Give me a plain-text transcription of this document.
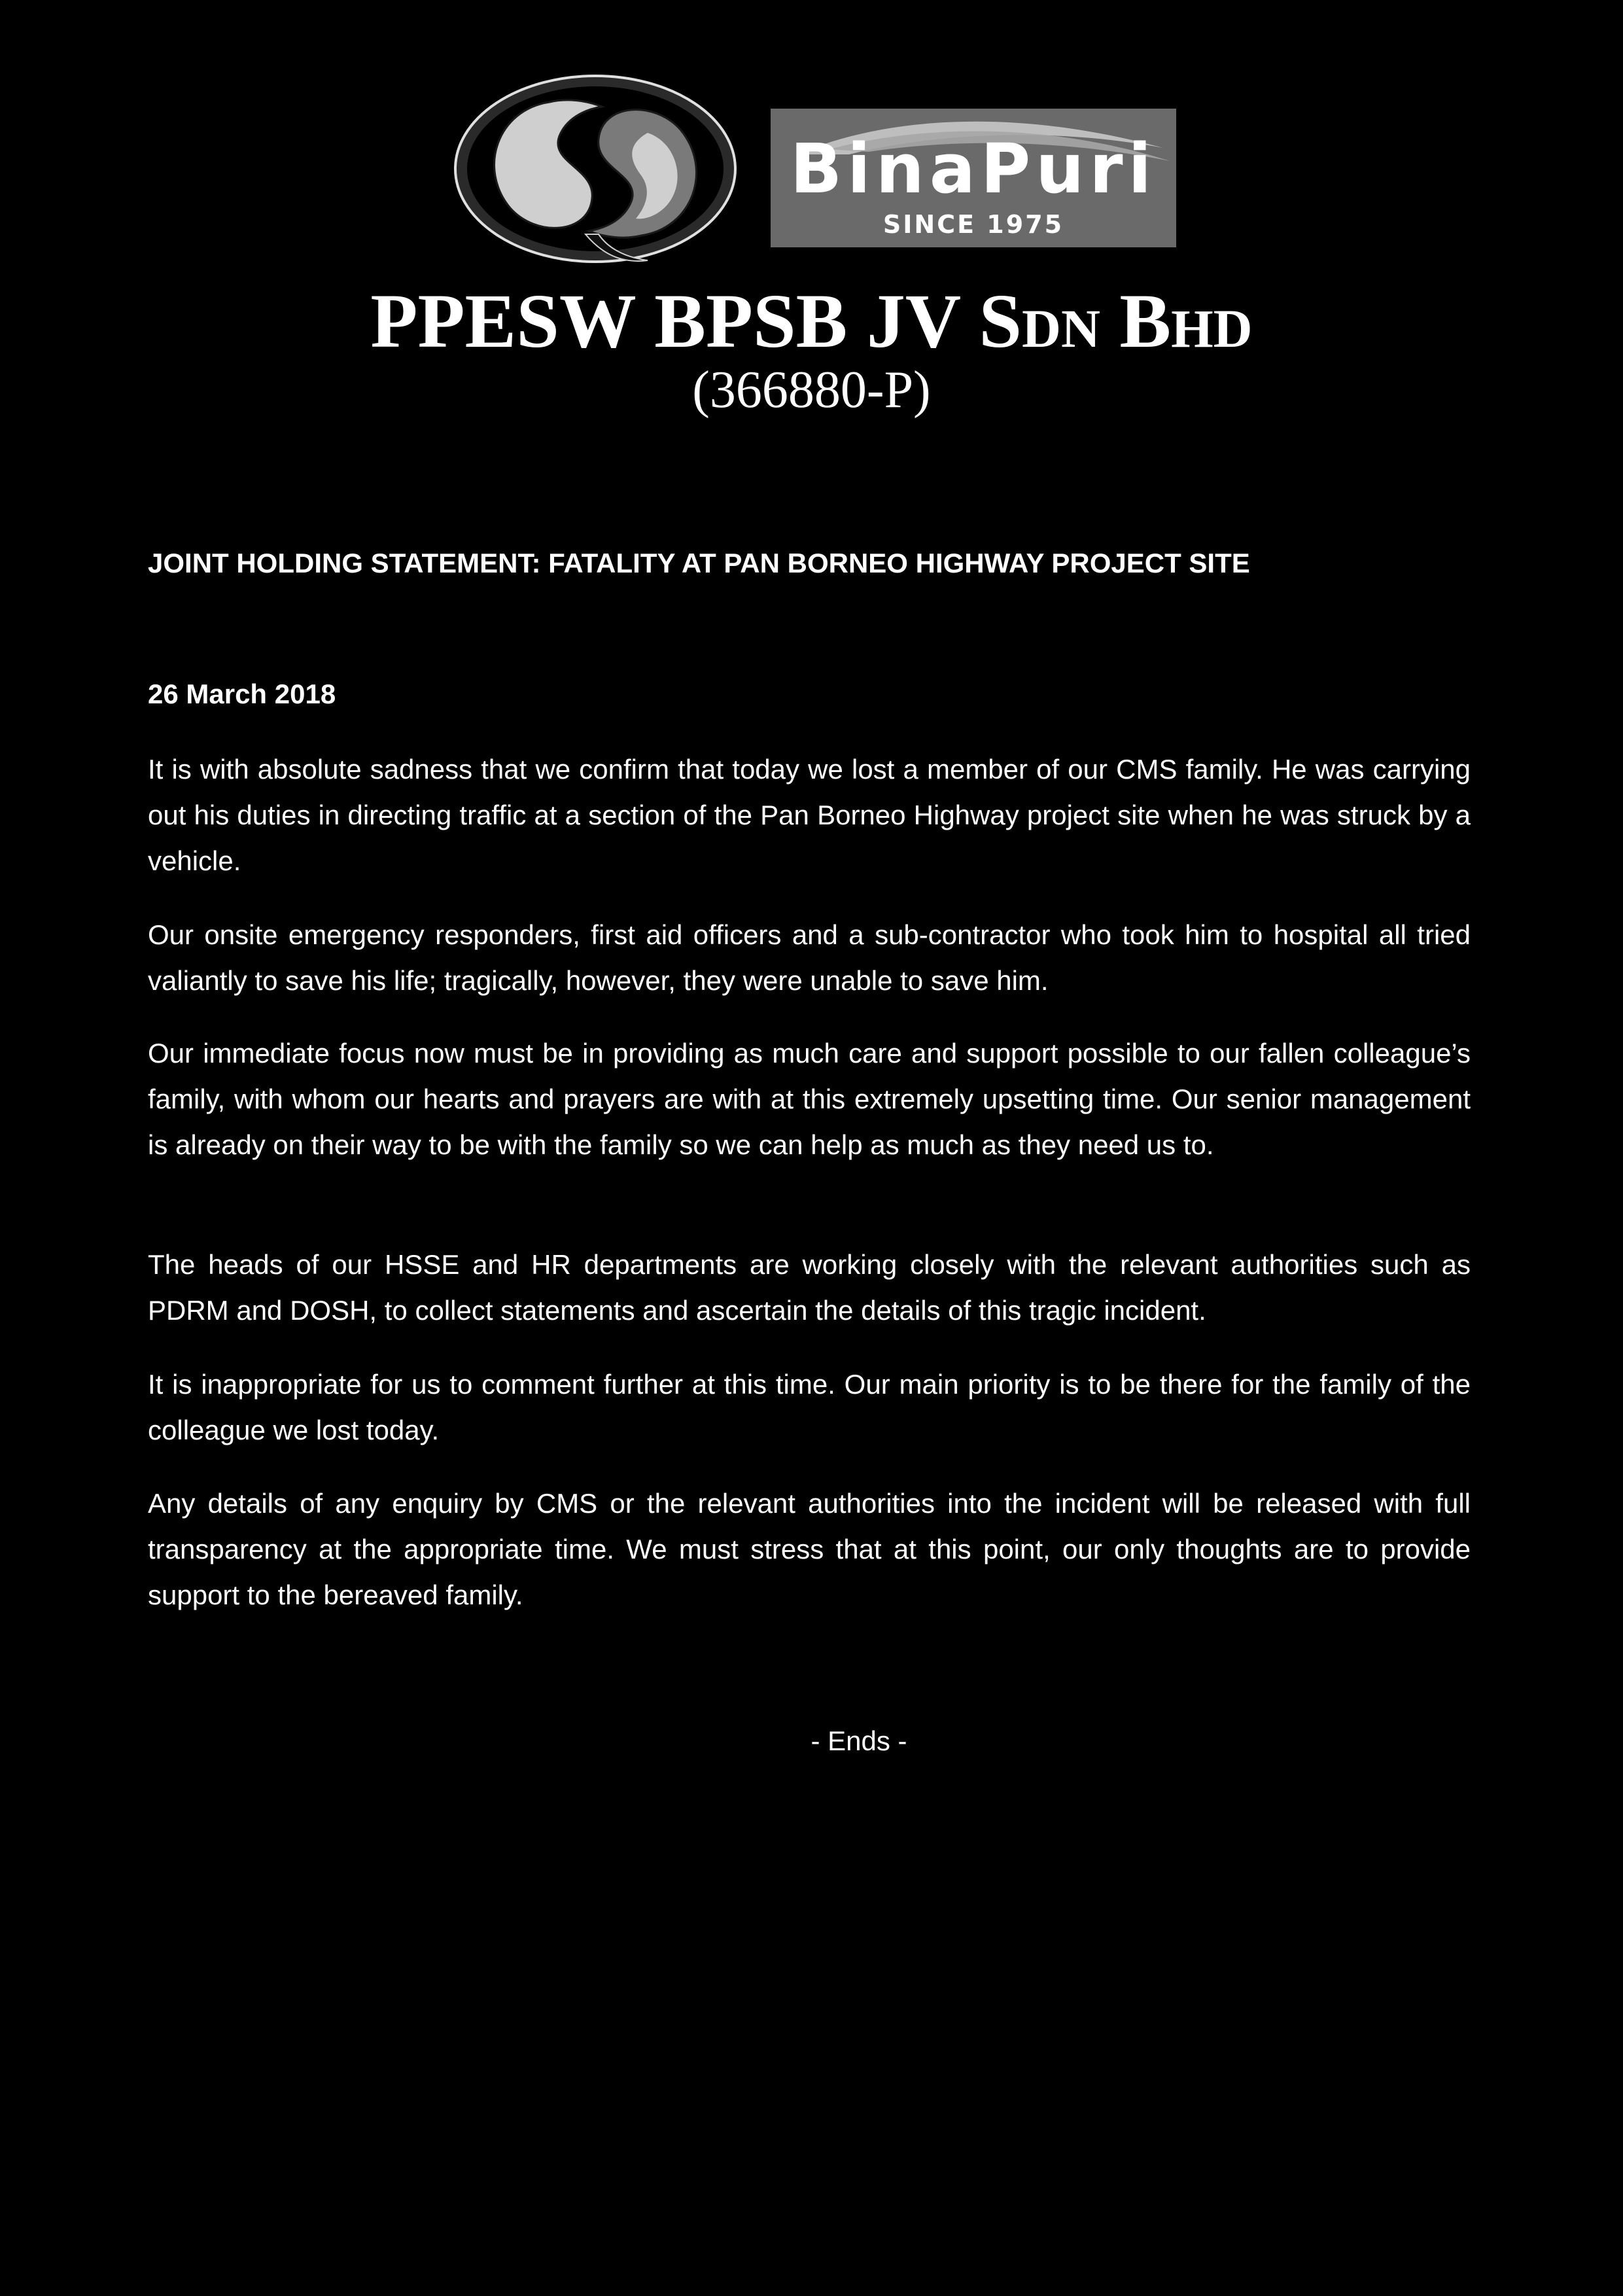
BinaPuri
SINCE 1975
PPESW BPSB JV Sdn Bhd
(366880-P)
JOINT HOLDING STATEMENT: FATALITY AT PAN BORNEO HIGHWAY PROJECT SITE
26 March 2018

It is with absolute sadness that we confirm that today we lost a member of our CMS family. He was carrying out his duties in directing traffic at a section of the Pan Borneo Highway project site when he was struck by a vehicle.

Our onsite emergency responders, first aid officers and a sub-contractor who took him to hospital all tried valiantly to save his life; tragically, however, they were unable to save him.

Our immediate focus now must be in providing as much care and support possible to our fallen colleague’s family, with whom our hearts and prayers are with at this extremely upsetting time. Our senior management is already on their way to be with the family so we can help as much as they need us to.

The heads of our HSSE and HR departments are working closely with the relevant authorities such as PDRM and DOSH, to collect statements and ascertain the details of this tragic incident.

It is inappropriate for us to comment further at this time. Our main priority is to be there for the family of the colleague we lost today.

Any details of any enquiry by CMS or the relevant authorities into the incident will be released with full transparency at the appropriate time. We must stress that at this point, our only thoughts are to provide support to the bereaved family.

- Ends -
